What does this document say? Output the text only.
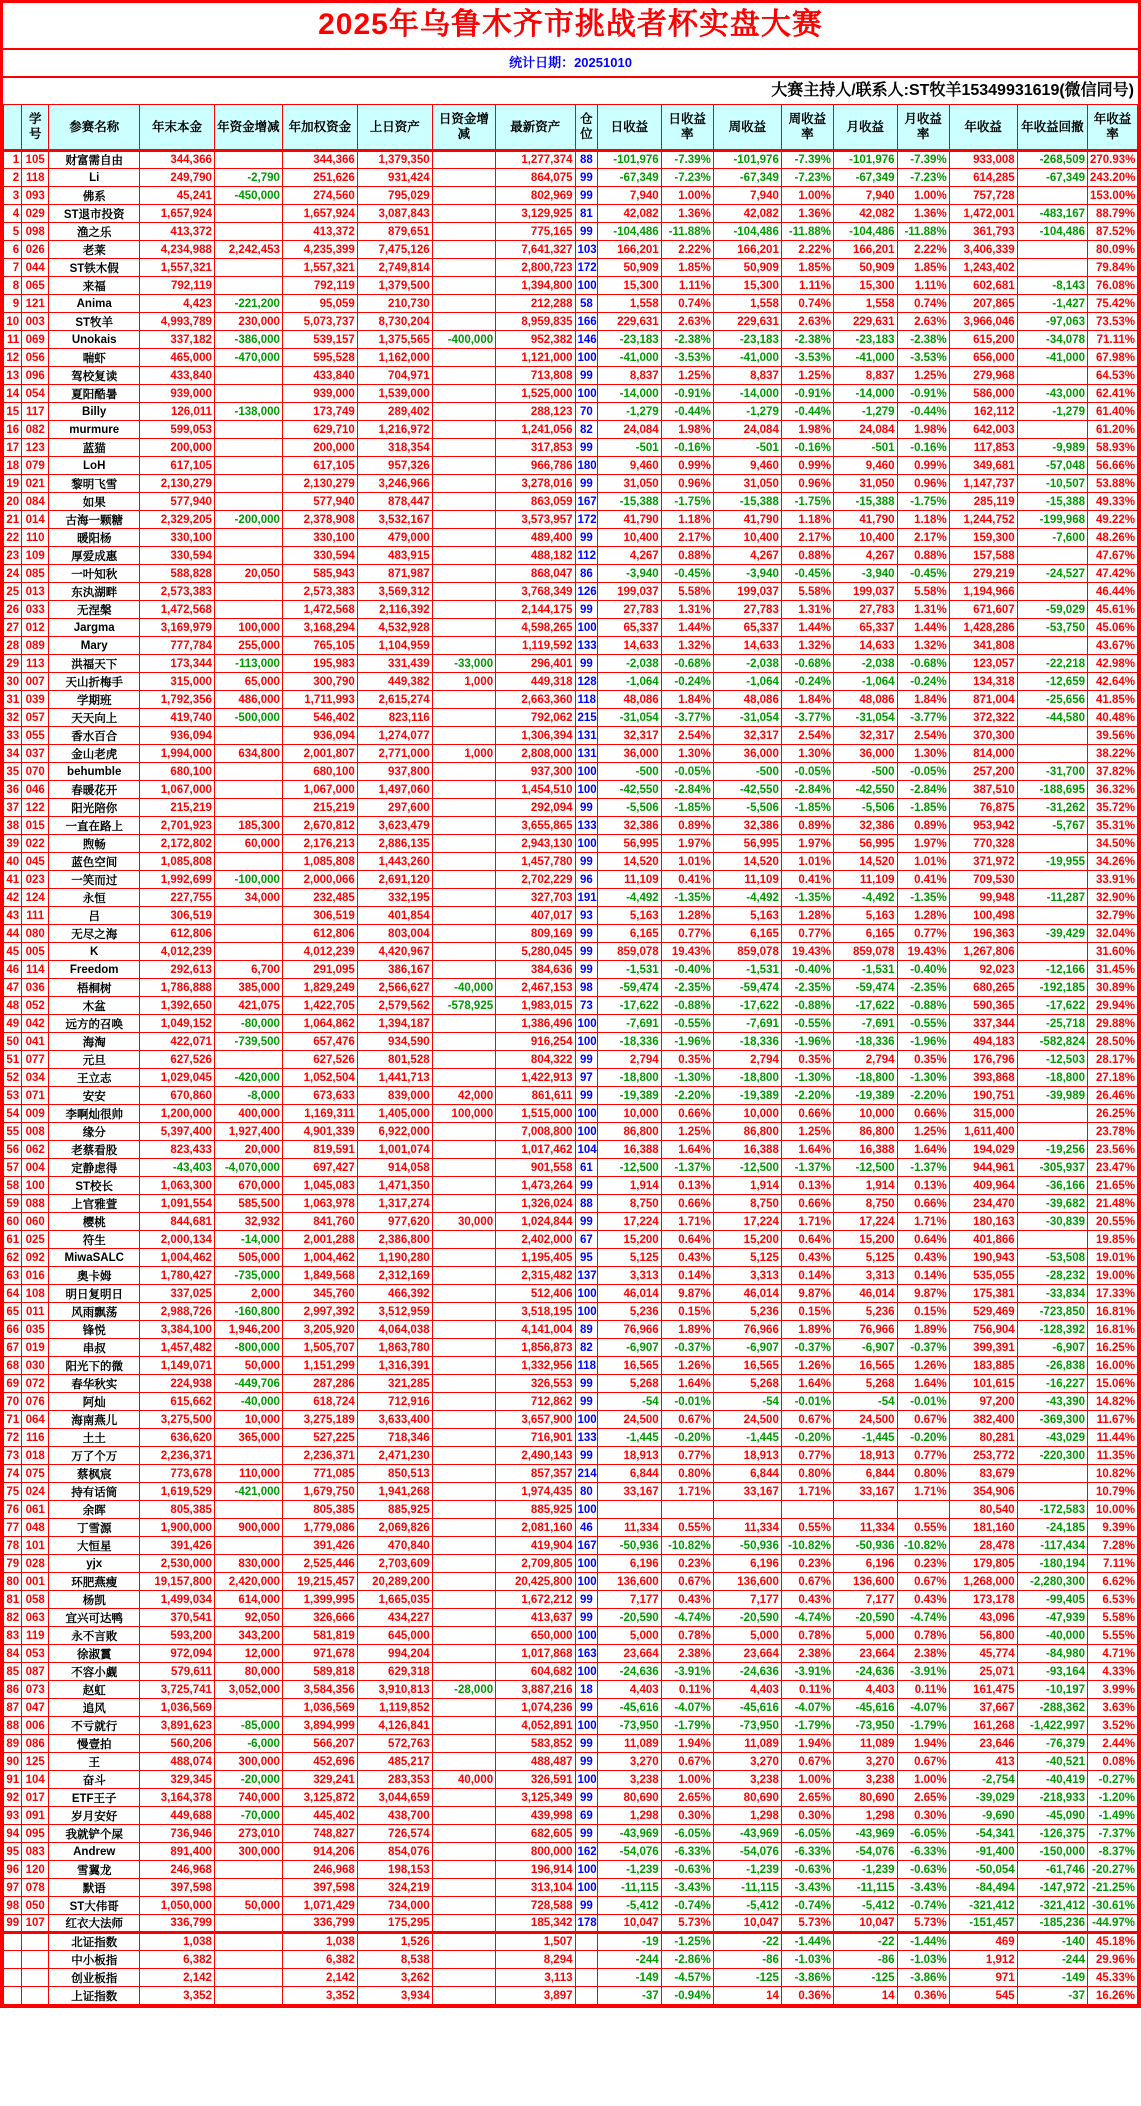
2025年乌鲁木齐市挑战者杯实盘大赛
统计日期：20251010
大赛主持人/联系人:ST牧羊15349931619(微信同号)
	学号	参赛名称	年末本金	年资金增减	年加权资金	上日资产	日资金增减	最新资产	仓位	日收益	日收益率	周收益	周收益率	月收益	月收益率	年收益	年收益回撤	年收益率
1	105	财富需自由	344,366		344,366	1,379,350		1,277,374	88	-101,976	-7.39%	-101,976	-7.39%	-101,976	-7.39%	933,008	-268,509	270.93%
2	118	Li	249,790	-2,790	251,626	931,424		864,075	99	-67,349	-7.23%	-67,349	-7.23%	-67,349	-7.23%	614,285	-67,349	243.20%
3	093	佛系	45,241	-450,000	274,560	795,029		802,969	99	7,940	1.00%	7,940	1.00%	7,940	1.00%	757,728		153.00%
4	029	ST退市投资	1,657,924		1,657,924	3,087,843		3,129,925	81	42,082	1.36%	42,082	1.36%	42,082	1.36%	1,472,001	-483,167	88.79%
5	098	渔之乐	413,372		413,372	879,651		775,165	99	-104,486	-11.88%	-104,486	-11.88%	-104,486	-11.88%	361,793	-104,486	87.52%
6	026	老莱	4,234,988	2,242,453	4,235,399	7,475,126		7,641,327	103	166,201	2.22%	166,201	2.22%	166,201	2.22%	3,406,339		80.09%
7	044	ST铁木假	1,557,321		1,557,321	2,749,814		2,800,723	172	50,909	1.85%	50,909	1.85%	50,909	1.85%	1,243,402		79.84%
8	065	来福	792,119		792,119	1,379,500		1,394,800	100	15,300	1.11%	15,300	1.11%	15,300	1.11%	602,681	-8,143	76.08%
9	121	Anima	4,423	-221,200	95,059	210,730		212,288	58	1,558	0.74%	1,558	0.74%	1,558	0.74%	207,865	-1,427	75.42%
10	003	ST牧羊	4,993,789	230,000	5,073,737	8,730,204		8,959,835	166	229,631	2.63%	229,631	2.63%	229,631	2.63%	3,966,046	-97,063	73.53%
11	069	Unokais	337,182	-386,000	539,157	1,375,565	-400,000	952,382	146	-23,183	-2.38%	-23,183	-2.38%	-23,183	-2.38%	615,200	-34,078	71.11%
12	056	喘虾	465,000	-470,000	595,528	1,162,000		1,121,000	100	-41,000	-3.53%	-41,000	-3.53%	-41,000	-3.53%	656,000	-41,000	67.98%
13	096	驾校复读	433,840		433,840	704,971		713,808	99	8,837	1.25%	8,837	1.25%	8,837	1.25%	279,968		64.53%
14	054	夏阳酷暑	939,000		939,000	1,539,000		1,525,000	100	-14,000	-0.91%	-14,000	-0.91%	-14,000	-0.91%	586,000	-43,000	62.41%
15	117	Billy	126,011	-138,000	173,749	289,402		288,123	70	-1,279	-0.44%	-1,279	-0.44%	-1,279	-0.44%	162,112	-1,279	61.40%
16	082	murmure	599,053		629,710	1,216,972		1,241,056	82	24,084	1.98%	24,084	1.98%	24,084	1.98%	642,003		61.20%
17	123	蓝猫	200,000		200,000	318,354		317,853	99	-501	-0.16%	-501	-0.16%	-501	-0.16%	117,853	-9,989	58.93%
18	079	LoH	617,105		617,105	957,326		966,786	180	9,460	0.99%	9,460	0.99%	9,460	0.99%	349,681	-57,048	56.66%
19	021	黎明飞雪	2,130,279		2,130,279	3,246,966		3,278,016	99	31,050	0.96%	31,050	0.96%	31,050	0.96%	1,147,737	-10,507	53.88%
20	084	如果	577,940		577,940	878,447		863,059	167	-15,388	-1.75%	-15,388	-1.75%	-15,388	-1.75%	285,119	-15,388	49.33%
21	014	古海一颗糖	2,329,205	-200,000	2,378,908	3,532,167		3,573,957	172	41,790	1.18%	41,790	1.18%	41,790	1.18%	1,244,752	-199,968	49.22%
22	110	暖阳杨	330,100		330,100	479,000		489,400	99	10,400	2.17%	10,400	2.17%	10,400	2.17%	159,300	-7,600	48.26%
23	109	厚爱成惠	330,594		330,594	483,915		488,182	112	4,267	0.88%	4,267	0.88%	4,267	0.88%	157,588		47.67%
24	085	一叶知秋	588,828	20,050	585,943	871,987		868,047	86	-3,940	-0.45%	-3,940	-0.45%	-3,940	-0.45%	279,219	-24,527	47.42%
25	013	东汍湖畔	2,573,383		2,573,383	3,569,312		3,768,349	126	199,037	5.58%	199,037	5.58%	199,037	5.58%	1,194,966		46.44%
26	033	无涅槃	1,472,568		1,472,568	2,116,392		2,144,175	99	27,783	1.31%	27,783	1.31%	27,783	1.31%	671,607	-59,029	45.61%
27	012	Jargma	3,169,979	100,000	3,168,294	4,532,928		4,598,265	100	65,337	1.44%	65,337	1.44%	65,337	1.44%	1,428,286	-53,750	45.06%
28	089	Mary	777,784	255,000	765,105	1,104,959		1,119,592	133	14,633	1.32%	14,633	1.32%	14,633	1.32%	341,808		43.67%
29	113	洪福天下	173,344	-113,000	195,983	331,439	-33,000	296,401	99	-2,038	-0.68%	-2,038	-0.68%	-2,038	-0.68%	123,057	-22,218	42.98%
30	007	天山折梅手	315,000	65,000	300,790	449,382	1,000	449,318	128	-1,064	-0.24%	-1,064	-0.24%	-1,064	-0.24%	134,318	-12,659	42.64%
31	039	学期班	1,792,356	486,000	1,711,993	2,615,274		2,663,360	118	48,086	1.84%	48,086	1.84%	48,086	1.84%	871,004	-25,656	41.85%
32	057	天天向上	419,740	-500,000	546,402	823,116		792,062	215	-31,054	-3.77%	-31,054	-3.77%	-31,054	-3.77%	372,322	-44,580	40.48%
33	055	香水百合	936,094		936,094	1,274,077		1,306,394	131	32,317	2.54%	32,317	2.54%	32,317	2.54%	370,300		39.56%
34	037	金山老虎	1,994,000	634,800	2,001,807	2,771,000	1,000	2,808,000	131	36,000	1.30%	36,000	1.30%	36,000	1.30%	814,000		38.22%
35	070	behumble	680,100		680,100	937,800		937,300	100	-500	-0.05%	-500	-0.05%	-500	-0.05%	257,200	-31,700	37.82%
36	046	春暖花开	1,067,000		1,067,000	1,497,060		1,454,510	100	-42,550	-2.84%	-42,550	-2.84%	-42,550	-2.84%	387,510	-188,695	36.32%
37	122	阳光陪你	215,219		215,219	297,600		292,094	99	-5,506	-1.85%	-5,506	-1.85%	-5,506	-1.85%	76,875	-31,262	35.72%
38	015	一直在路上	2,701,923	185,300	2,670,812	3,623,479		3,655,865	133	32,386	0.89%	32,386	0.89%	32,386	0.89%	953,942	-5,767	35.31%
39	022	煦畅	2,172,802	60,000	2,176,213	2,886,135		2,943,130	100	56,995	1.97%	56,995	1.97%	56,995	1.97%	770,328		34.50%
40	045	蓝色空间	1,085,808		1,085,808	1,443,260		1,457,780	99	14,520	1.01%	14,520	1.01%	14,520	1.01%	371,972	-19,955	34.26%
41	023	一笑而过	1,992,699	-100,000	2,000,066	2,691,120		2,702,229	96	11,109	0.41%	11,109	0.41%	11,109	0.41%	709,530		33.91%
42	124	永恒	227,755	34,000	232,485	332,195		327,703	191	-4,492	-1.35%	-4,492	-1.35%	-4,492	-1.35%	99,948	-11,287	32.90%
43	111	吕	306,519		306,519	401,854		407,017	93	5,163	1.28%	5,163	1.28%	5,163	1.28%	100,498		32.79%
44	080	无尽之海	612,806		612,806	803,004		809,169	99	6,165	0.77%	6,165	0.77%	6,165	0.77%	196,363	-39,429	32.04%
45	005	K	4,012,239		4,012,239	4,420,967		5,280,045	99	859,078	19.43%	859,078	19.43%	859,078	19.43%	1,267,806		31.60%
46	114	Freedom	292,613	6,700	291,095	386,167		384,636	99	-1,531	-0.40%	-1,531	-0.40%	-1,531	-0.40%	92,023	-12,166	31.45%
47	036	梧桐树	1,786,888	385,000	1,829,249	2,566,627	-40,000	2,467,153	98	-59,474	-2.35%	-59,474	-2.35%	-59,474	-2.35%	680,265	-192,185	30.89%
48	052	木盆	1,392,650	421,075	1,422,705	2,579,562	-578,925	1,983,015	73	-17,622	-0.88%	-17,622	-0.88%	-17,622	-0.88%	590,365	-17,622	29.94%
49	042	远方的召唤	1,049,152	-80,000	1,064,862	1,394,187		1,386,496	100	-7,691	-0.55%	-7,691	-0.55%	-7,691	-0.55%	337,344	-25,718	29.88%
50	041	海淘	422,071	-739,500	657,476	934,590		916,254	100	-18,336	-1.96%	-18,336	-1.96%	-18,336	-1.96%	494,183	-582,824	28.50%
51	077	元旦	627,526		627,526	801,528		804,322	99	2,794	0.35%	2,794	0.35%	2,794	0.35%	176,796	-12,503	28.17%
52	034	王立志	1,029,045	-420,000	1,052,504	1,441,713		1,422,913	97	-18,800	-1.30%	-18,800	-1.30%	-18,800	-1.30%	393,868	-18,800	27.18%
53	071	安安	670,860	-8,000	673,633	839,000	42,000	861,611	99	-19,389	-2.20%	-19,389	-2.20%	-19,389	-2.20%	190,751	-39,989	26.46%
54	009	李啊灿很帅	1,200,000	400,000	1,169,311	1,405,000	100,000	1,515,000	100	10,000	0.66%	10,000	0.66%	10,000	0.66%	315,000		26.25%
55	008	缘分	5,397,400	1,927,400	4,901,339	6,922,000		7,008,800	100	86,800	1.25%	86,800	1.25%	86,800	1.25%	1,611,400		23.78%
56	062	老蔡看股	823,433	20,000	819,591	1,001,074		1,017,462	104	16,388	1.64%	16,388	1.64%	16,388	1.64%	194,029	-19,256	23.56%
57	004	定静虑得	-43,403	-4,070,000	697,427	914,058		901,558	61	-12,500	-1.37%	-12,500	-1.37%	-12,500	-1.37%	944,961	-305,937	23.47%
58	100	ST校长	1,063,300	670,000	1,045,083	1,471,350		1,473,264	99	1,914	0.13%	1,914	0.13%	1,914	0.13%	409,964	-36,166	21.65%
59	088	上官雅萱	1,091,554	585,500	1,063,978	1,317,274		1,326,024	88	8,750	0.66%	8,750	0.66%	8,750	0.66%	234,470	-39,682	21.48%
60	060	樱桃	844,681	32,932	841,760	977,620	30,000	1,024,844	99	17,224	1.71%	17,224	1.71%	17,224	1.71%	180,163	-30,839	20.55%
61	025	符生	2,000,134	-14,000	2,001,288	2,386,800		2,402,000	67	15,200	0.64%	15,200	0.64%	15,200	0.64%	401,866		19.85%
62	092	MiwaSALC	1,004,462	505,000	1,004,462	1,190,280		1,195,405	95	5,125	0.43%	5,125	0.43%	5,125	0.43%	190,943	-53,508	19.01%
63	016	奥卡姆	1,780,427	-735,000	1,849,568	2,312,169		2,315,482	137	3,313	0.14%	3,313	0.14%	3,313	0.14%	535,055	-28,232	19.00%
64	108	明日复明日	337,025	2,000	345,760	466,392		512,406	100	46,014	9.87%	46,014	9.87%	46,014	9.87%	175,381	-33,834	17.33%
65	011	风雨飘荡	2,988,726	-160,800	2,997,392	3,512,959		3,518,195	100	5,236	0.15%	5,236	0.15%	5,236	0.15%	529,469	-723,850	16.81%
66	035	锋悦	3,384,100	1,946,200	3,205,920	4,064,038		4,141,004	89	76,966	1.89%	76,966	1.89%	76,966	1.89%	756,904	-128,392	16.81%
67	019	串叔	1,457,482	-800,000	1,505,707	1,863,780		1,856,873	82	-6,907	-0.37%	-6,907	-0.37%	-6,907	-0.37%	399,391	-6,907	16.25%
68	030	阳光下的微	1,149,071	50,000	1,151,299	1,316,391		1,332,956	118	16,565	1.26%	16,565	1.26%	16,565	1.26%	183,885	-26,838	16.00%
69	072	春华秋实	224,938	-449,706	287,286	321,285		326,553	99	5,268	1.64%	5,268	1.64%	5,268	1.64%	101,615	-16,227	15.06%
70	076	阿灿	615,662	-40,000	618,724	712,916		712,862	99	-54	-0.01%	-54	-0.01%	-54	-0.01%	97,200	-43,390	14.82%
71	064	海南燕儿	3,275,500	10,000	3,275,189	3,633,400		3,657,900	100	24,500	0.67%	24,500	0.67%	24,500	0.67%	382,400	-369,300	11.67%
72	116	土土	636,620	365,000	527,225	718,346		716,901	133	-1,445	-0.20%	-1,445	-0.20%	-1,445	-0.20%	80,281	-43,029	11.44%
73	018	万了个万	2,236,371		2,236,371	2,471,230		2,490,143	99	18,913	0.77%	18,913	0.77%	18,913	0.77%	253,772	-220,300	11.35%
74	075	蔡枫宸	773,678	110,000	771,085	850,513		857,357	214	6,844	0.80%	6,844	0.80%	6,844	0.80%	83,679		10.82%
75	024	持有话筒	1,619,529	-421,000	1,679,750	1,941,268		1,974,435	80	33,167	1.71%	33,167	1.71%	33,167	1.71%	354,906		10.79%
76	061	余晖	805,385		805,385	885,925		885,925	100							80,540	-172,583	10.00%
77	048	丁雪源	1,900,000	900,000	1,779,086	2,069,826		2,081,160	46	11,334	0.55%	11,334	0.55%	11,334	0.55%	181,160	-24,185	9.39%
78	101	大恒星	391,426		391,426	470,840		419,904	167	-50,936	-10.82%	-50,936	-10.82%	-50,936	-10.82%	28,478	-117,434	7.28%
79	028	yjx	2,530,000	830,000	2,525,446	2,703,609		2,709,805	100	6,196	0.23%	6,196	0.23%	6,196	0.23%	179,805	-180,194	7.11%
80	001	环肥燕瘦	19,157,800	2,420,000	19,215,457	20,289,200		20,425,800	100	136,600	0.67%	136,600	0.67%	136,600	0.67%	1,268,000	-2,280,300	6.62%
81	058	杨凯	1,499,034	614,000	1,399,995	1,665,035		1,672,212	99	7,177	0.43%	7,177	0.43%	7,177	0.43%	173,178	-99,405	6.53%
82	063	宜兴可达鸭	370,541	92,050	326,666	434,227		413,637	99	-20,590	-4.74%	-20,590	-4.74%	-20,590	-4.74%	43,096	-47,939	5.58%
83	119	永不言败	593,200	343,200	581,819	645,000		650,000	100	5,000	0.78%	5,000	0.78%	5,000	0.78%	56,800	-40,000	5.55%
84	053	徐淑霣	972,094	12,000	971,678	994,204		1,017,868	163	23,664	2.38%	23,664	2.38%	23,664	2.38%	45,774	-84,980	4.71%
85	087	不容小觑	579,611	80,000	589,818	629,318		604,682	100	-24,636	-3.91%	-24,636	-3.91%	-24,636	-3.91%	25,071	-93,164	4.33%
86	073	赵虹	3,725,741	3,052,000	3,584,356	3,910,813	-28,000	3,887,216	18	4,403	0.11%	4,403	0.11%	4,403	0.11%	161,475	-10,197	3.99%
87	047	追风	1,036,569		1,036,569	1,119,852		1,074,236	99	-45,616	-4.07%	-45,616	-4.07%	-45,616	-4.07%	37,667	-288,362	3.63%
88	006	不亏就行	3,891,623	-85,000	3,894,999	4,126,841		4,052,891	100	-73,950	-1.79%	-73,950	-1.79%	-73,950	-1.79%	161,268	-1,422,997	3.52%
89	086	慢壹拍	560,206	-6,000	566,207	572,763		583,852	99	11,089	1.94%	11,089	1.94%	11,089	1.94%	23,646	-76,379	2.44%
90	125	王	488,074	300,000	452,696	485,217		488,487	99	3,270	0.67%	3,270	0.67%	3,270	0.67%	413	-40,521	0.08%
91	104	奋斗	329,345	-20,000	329,241	283,353	40,000	326,591	100	3,238	1.00%	3,238	1.00%	3,238	1.00%	-2,754	-40,419	-0.27%
92	017	ETF王子	3,164,378	740,000	3,125,872	3,044,659		3,125,349	99	80,690	2.65%	80,690	2.65%	80,690	2.65%	-39,029	-218,933	-1.20%
93	091	岁月安好	449,688	-70,000	445,402	438,700		439,998	69	1,298	0.30%	1,298	0.30%	1,298	0.30%	-9,690	-45,090	-1.49%
94	095	我就铲个屎	736,946	273,010	748,827	726,574		682,605	99	-43,969	-6.05%	-43,969	-6.05%	-43,969	-6.05%	-54,341	-126,375	-7.37%
95	083	Andrew	891,400	300,000	914,206	854,076		800,000	162	-54,076	-6.33%	-54,076	-6.33%	-54,076	-6.33%	-91,400	-150,000	-8.37%
96	120	雪翼龙	246,968		246,968	198,153		196,914	100	-1,239	-0.63%	-1,239	-0.63%	-1,239	-0.63%	-50,054	-61,746	-20.27%
97	078	默语	397,598		397,598	324,219		313,104	100	-11,115	-3.43%	-11,115	-3.43%	-11,115	-3.43%	-84,494	-147,972	-21.25%
98	050	ST大伟哥	1,050,000	50,000	1,071,429	734,000		728,588	99	-5,412	-0.74%	-5,412	-0.74%	-5,412	-0.74%	-321,412	-321,412	-30.61%
99	107	红衣大法师	336,799		336,799	175,295		185,342	178	10,047	5.73%	10,047	5.73%	10,047	5.73%	-151,457	-185,236	-44.97%
		北证指数	1,038		1,038	1,526		1,507		-19	-1.25%	-22	-1.44%	-22	-1.44%	469	-140	45.18%
		中小板指	6,382		6,382	8,538		8,294		-244	-2.86%	-86	-1.03%	-86	-1.03%	1,912	-244	29.96%
		创业板指	2,142		2,142	3,262		3,113		-149	-4.57%	-125	-3.86%	-125	-3.86%	971	-149	45.33%
		上证指数	3,352		3,352	3,934		3,897		-37	-0.94%	14	0.36%	14	0.36%	545	-37	16.26%
